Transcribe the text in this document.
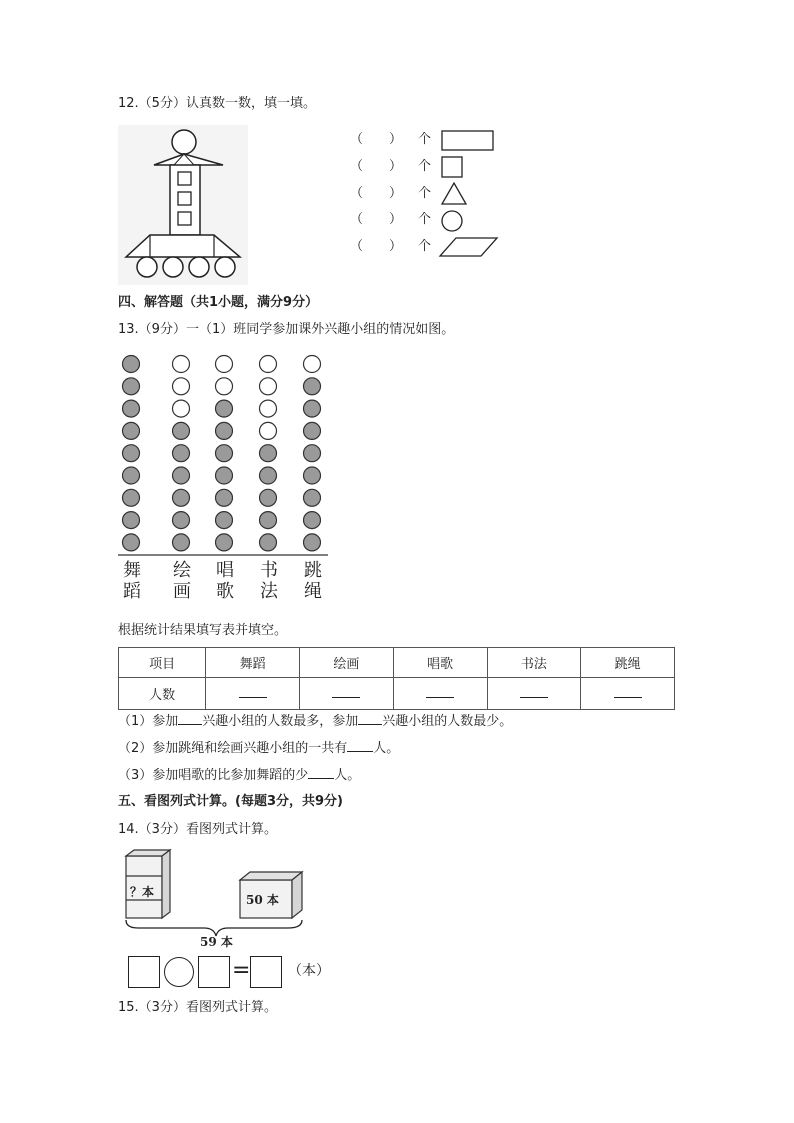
12.（5分）认真数一数，填一填。
（　　） 个
（　　） 个
（　　） 个
（　　） 个
（　　） 个
四、解答题（共1小题，满分9分）
13.（9分）一（1）班同学参加课外兴趣小组的情况如图。
舞蹈
绘画
唱歌
书法
跳绳
根据统计结果填写表并填空。
项目	舞蹈	绘画	唱歌	书法	跳绳
人数					
（1）参加 兴趣小组的人数最多，参加 兴趣小组的人数最少。
（2）参加跳绳和绘画兴趣小组的一共有 人。
（3）参加唱歌的比参加舞蹈的少 人。
五、看图列式计算。(每题3分，共9分)
14.（3分）看图列式计算。
？本
50 本
59 本
=	（本）
15.（3分）看图列式计算。
